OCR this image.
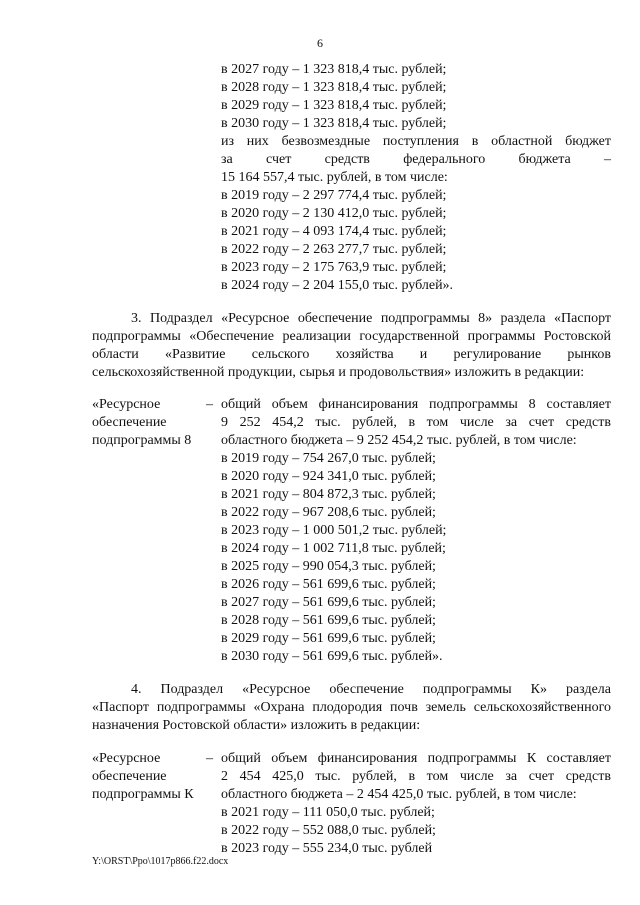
6
в 2027 году – 1 323 818,4 тыс. рублей;
в 2028 году – 1 323 818,4 тыс. рублей;
в 2029 году – 1 323 818,4 тыс. рублей;
в 2030 году – 1 323 818,4 тыс. рублей;
из них безвозмездные поступления в областной бюджет
за счет средств федерального бюджета –
15 164 557,4 тыс. рублей, в том числе:
в 2019 году – 2 297 774,4 тыс. рублей;
в 2020 году – 2 130 412,0 тыс. рублей;
в 2021 году – 4 093 174,4 тыс. рублей;
в 2022 году – 2 263 277,7 тыс. рублей;
в 2023 году – 2 175 763,9 тыс. рублей;
в 2024 году – 2 204 155,0 тыс. рублей».
3. Подраздел «Ресурсное обеспечение подпрограммы 8» раздела «Паспорт
подпрограммы «Обеспечение реализации государственной программы Ростовской
области «Развитие сельского хозяйства и регулирование рынков
сельскохозяйственной продукции, сырья и продовольствия» изложить в редакции:
«Ресурсное
обеспечение
подпрограммы 8
– общий объем финансирования подпрограммы 8 составляет
9 252 454,2 тыс. рублей, в том числе за счет средств
областного бюджета – 9 252 454,2 тыс. рублей, в том числе:
в 2019 году – 754 267,0 тыс. рублей;
в 2020 году – 924 341,0 тыс. рублей;
в 2021 году – 804 872,3 тыс. рублей;
в 2022 году – 967 208,6 тыс. рублей;
в 2023 году – 1 000 501,2 тыс. рублей;
в 2024 году – 1 002 711,8 тыс. рублей;
в 2025 году – 990 054,3 тыс. рублей;
в 2026 году – 561 699,6 тыс. рублей;
в 2027 году – 561 699,6 тыс. рублей;
в 2028 году – 561 699,6 тыс. рублей;
в 2029 году – 561 699,6 тыс. рублей;
в 2030 году – 561 699,6 тыс. рублей».
4. Подраздел «Ресурсное обеспечение подпрограммы К» раздела
«Паспорт подпрограммы «Охрана плодородия почв земель сельскохозяйственного
назначения Ростовской области» изложить в редакции:
«Ресурсное
обеспечение
подпрограммы К
– общий объем финансирования подпрограммы К составляет
2 454 425,0 тыс. рублей, в том числе за счет средств
областного бюджета – 2 454 425,0 тыс. рублей, в том числе:
в 2021 году – 111 050,0 тыс. рублей;
в 2022 году – 552 088,0 тыс. рублей;
в 2023 году – 555 234,0 тыс. рублей
Y:\ORST\Ppo\1017p866.f22.docx
